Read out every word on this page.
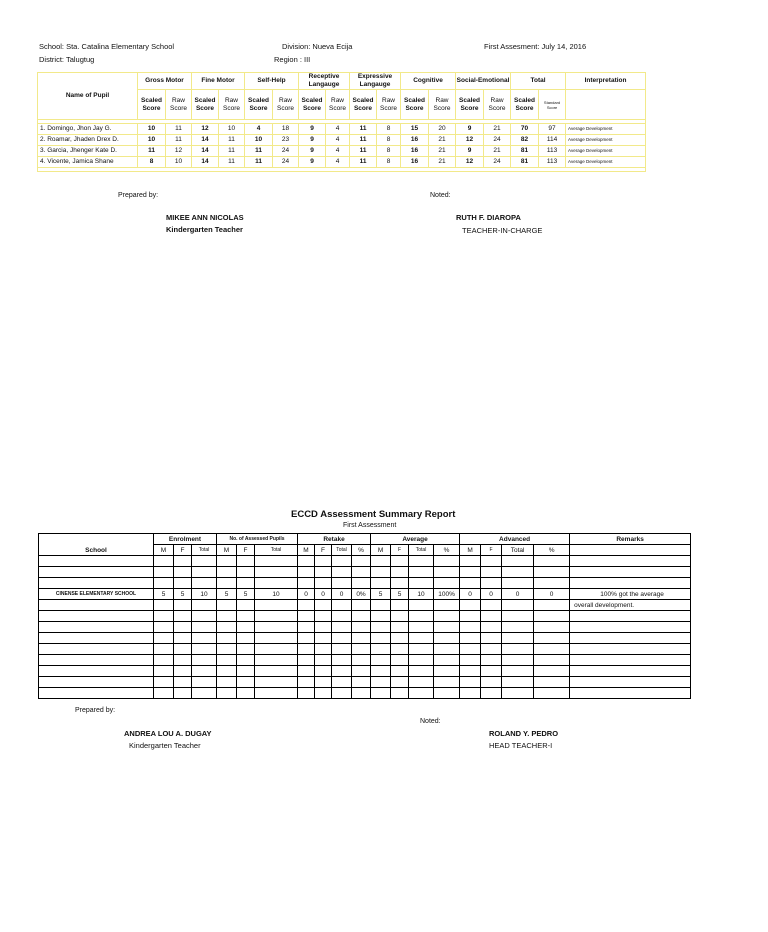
School: Sta. Catalina Elementary School
District: Talugtug
Division: Nueva Ecija
Region : III
First Assesment: July 14, 2016
Name of Pupil	Gross Motor		Fine Motor		Self-Help		Receptive Langauge		Expressive Langauge		Cognitive		Social-Emotional		Total		Interpretation
	Scaled Score	Raw Score	Scaled Score	Raw Score	Scaled Score	Raw Score	Scaled Score	Raw Score	Scaled Score	Raw Score	Scaled Score	Raw Score	Scaled Score	Raw Score	Scaled Score	Standard Score	

1. Domingo, Jhon Jay G.	10	11	12	10	4	18	9	4	11	8	15	20	9	21	70	97	Average Development
2. Roamar, Jhaden Drex D.	10	11	14	11	10	23	9	4	11	8	16	21	12	24	82	114	Average Development
3. Garcia, Jhenger Kate D.	11	12	14	11	11	24	9	4	11	8	16	21	9	21	81	113	Average Development
4. Vicente, Jamica Shane	8	10	14	11	11	24	9	4	11	8	16	21	12	24	81	113	Average Development

Prepared by:
MIKEE ANN NICOLAS
Kindergarten Teacher
Noted:
RUTH F. DIAROPA
TEACHER-IN-CHARGE
ECCD Assessment Summary Report
First Assessment
School	Enrolment			No. of Assessed Pupils			Retake				Average				Advanced				Remarks
	M	F	Total	M	F	Total	M	F	Total	%	M	F	Total	%	M	F	Total	%	

CINENSE ELEMENTARY SCHOOL	5	5	10	5	5	10	0	0	0	0%	5	5	10	100%	0	0	0	0	100% got the average
																			overall development.

Prepared by:
ANDREA LOU A. DUGAY
Kindergarten Teacher
Noted:
ROLAND Y. PEDRO
HEAD TEACHER-I
